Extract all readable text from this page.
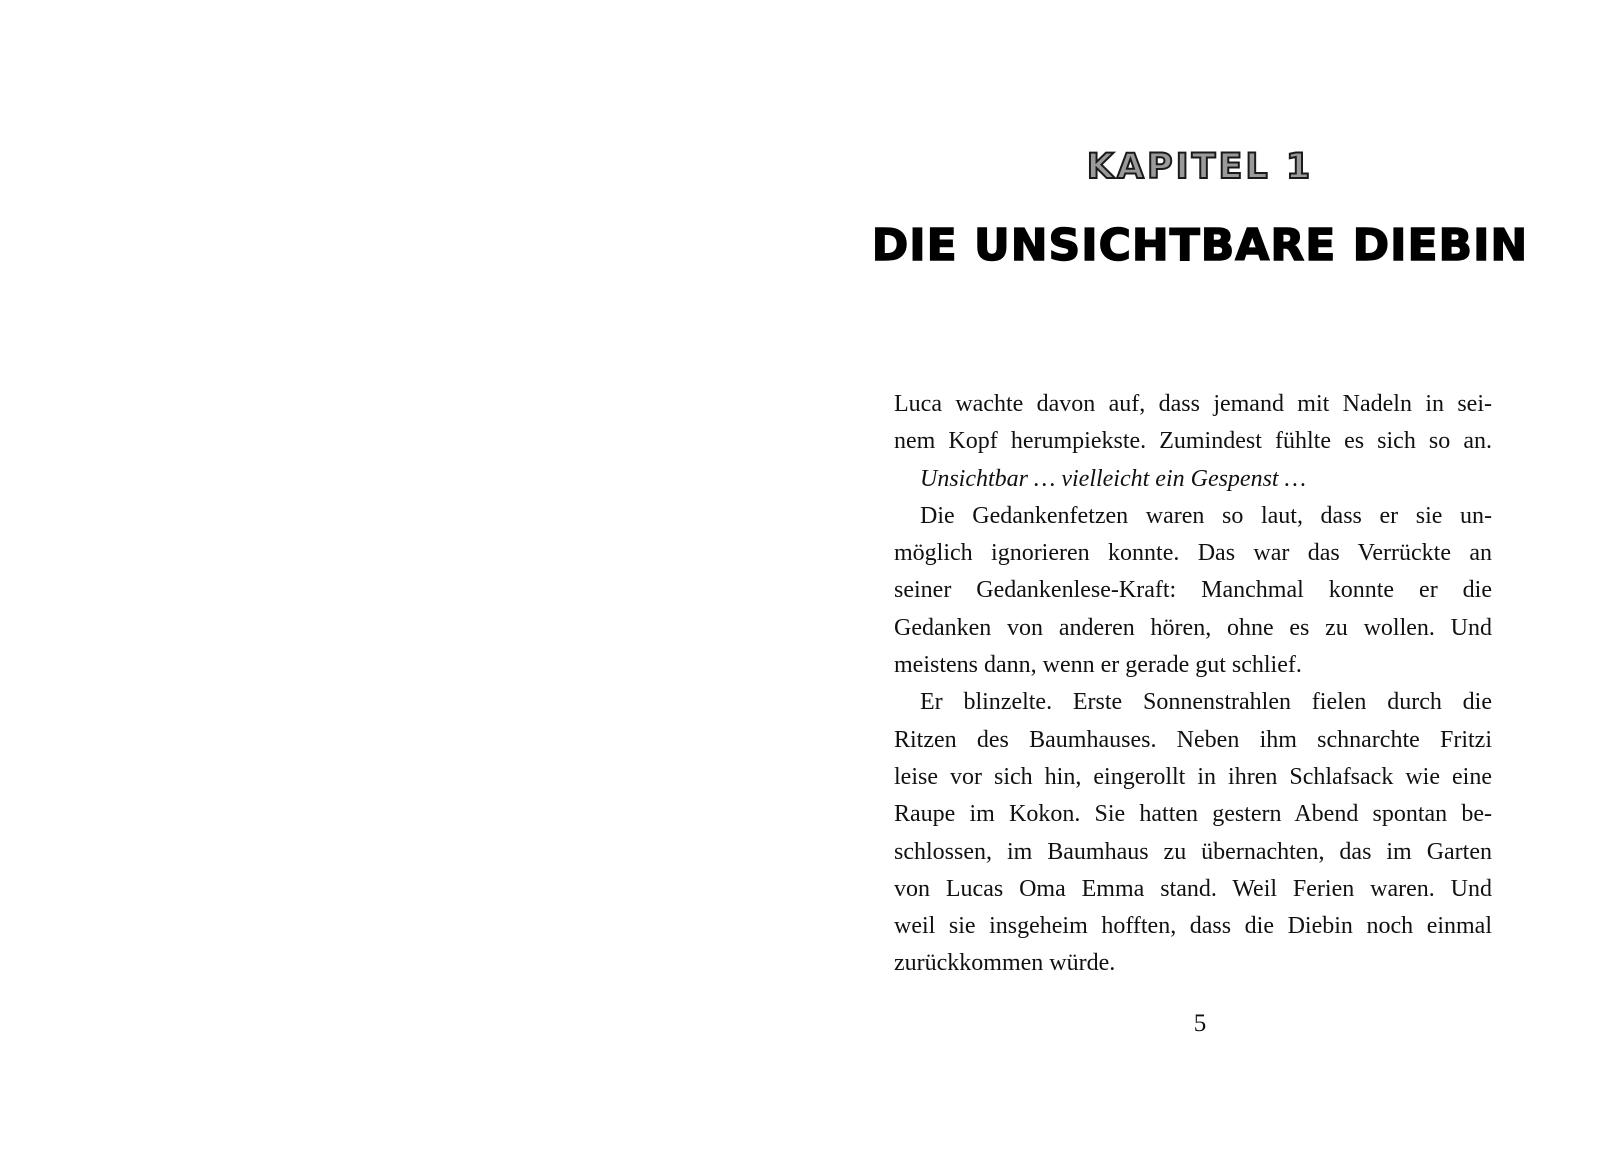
KAPITEL 1
DIE UNSICHTBARE DIEBIN
Luca wachte davon auf, dass jemand mit Nadeln in sei-
nem Kopf herumpiekste. Zumindest fühlte es sich so an.
Unsichtbar … vielleicht ein Gespenst …
Die Gedankenfetzen waren so laut, dass er sie un-
möglich ignorieren konnte. Das war das Verrückte an
seiner Gedankenlese-Kraft: Manchmal konnte er die
Gedanken von anderen hören, ohne es zu wollen. Und
meistens dann, wenn er gerade gut schlief.
Er blinzelte. Erste Sonnenstrahlen fielen durch die
Ritzen des Baumhauses. Neben ihm schnarchte Fritzi
leise vor sich hin, eingerollt in ihren Schlafsack wie eine
Raupe im Kokon. Sie hatten gestern Abend spontan be-
schlossen, im Baumhaus zu übernachten, das im Garten
von Lucas Oma Emma stand. Weil Ferien waren. Und
weil sie insgeheim hofften, dass die Diebin noch einmal
zurückkommen würde.
5
